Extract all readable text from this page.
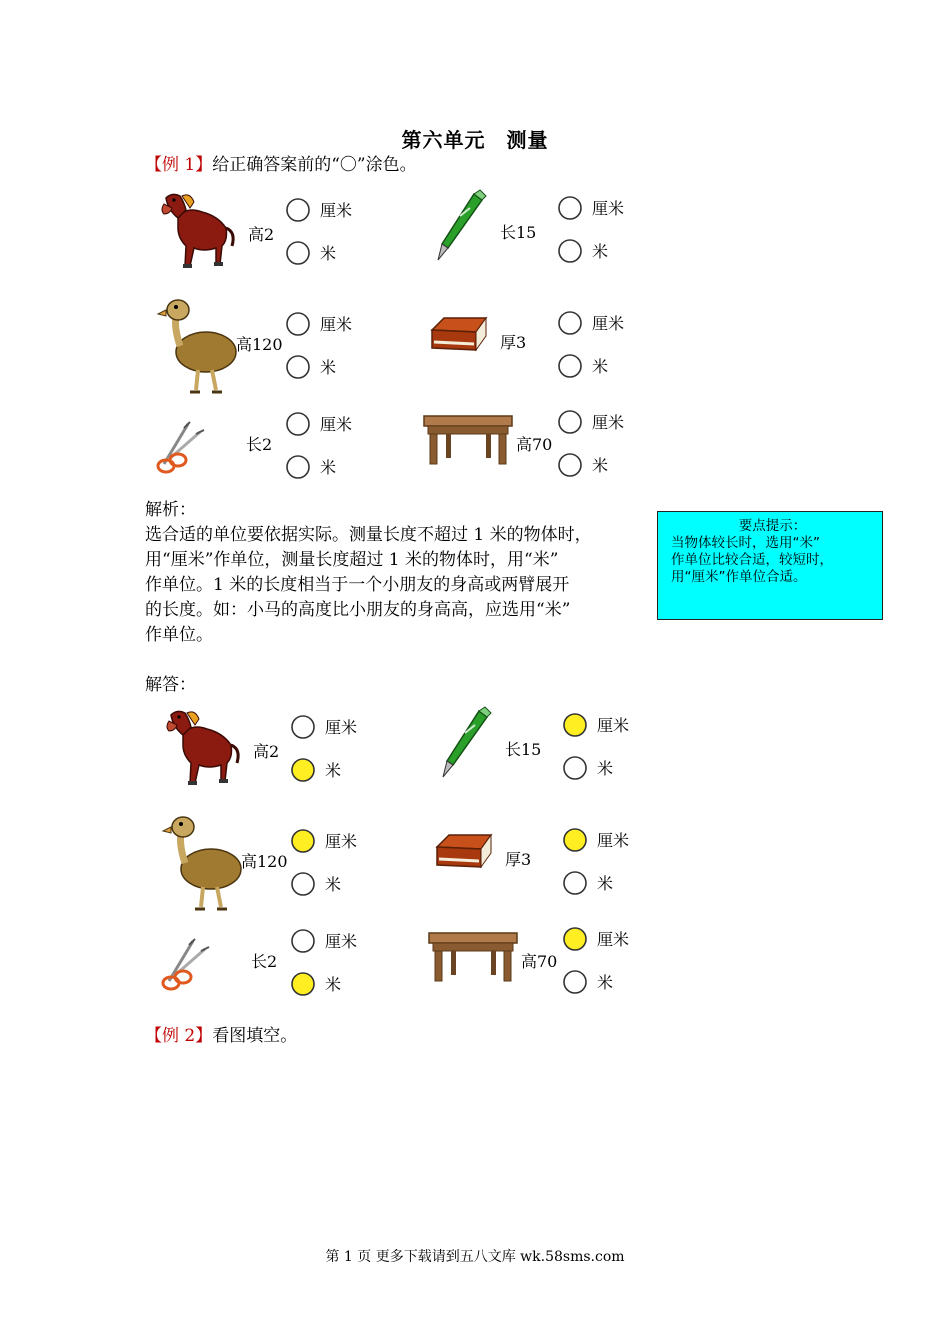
第六单元　测量
【例 1】给正确答案前的“〇”涂色。
高2
厘米
米
长15
厘米
米
高120
厘米
米
厚3
厘米
米
长2
厘米
米
高70
厘米
米
解析：
选合适的单位要依据实际。测量长度不超过 1 米的物体时，
用“厘米”作单位，测量长度超过 1 米的物体时，用“米”
作单位。1 米的长度相当于一个小朋友的身高或两臂展开
的长度。如：小马的高度比小朋友的身高高，应选用“米”
作单位。
要点提示：
当物体较长时，选用“米”
作单位比较合适，较短时，
用“厘米”作单位合适。
解答：
高2
厘米
米
长15
厘米
米
高120
厘米
米
厚3
厘米
米
长2
厘米
米
高70
厘米
米
【例 2】看图填空。
第 1 页 更多下载请到五八文库 wk.58sms.com
